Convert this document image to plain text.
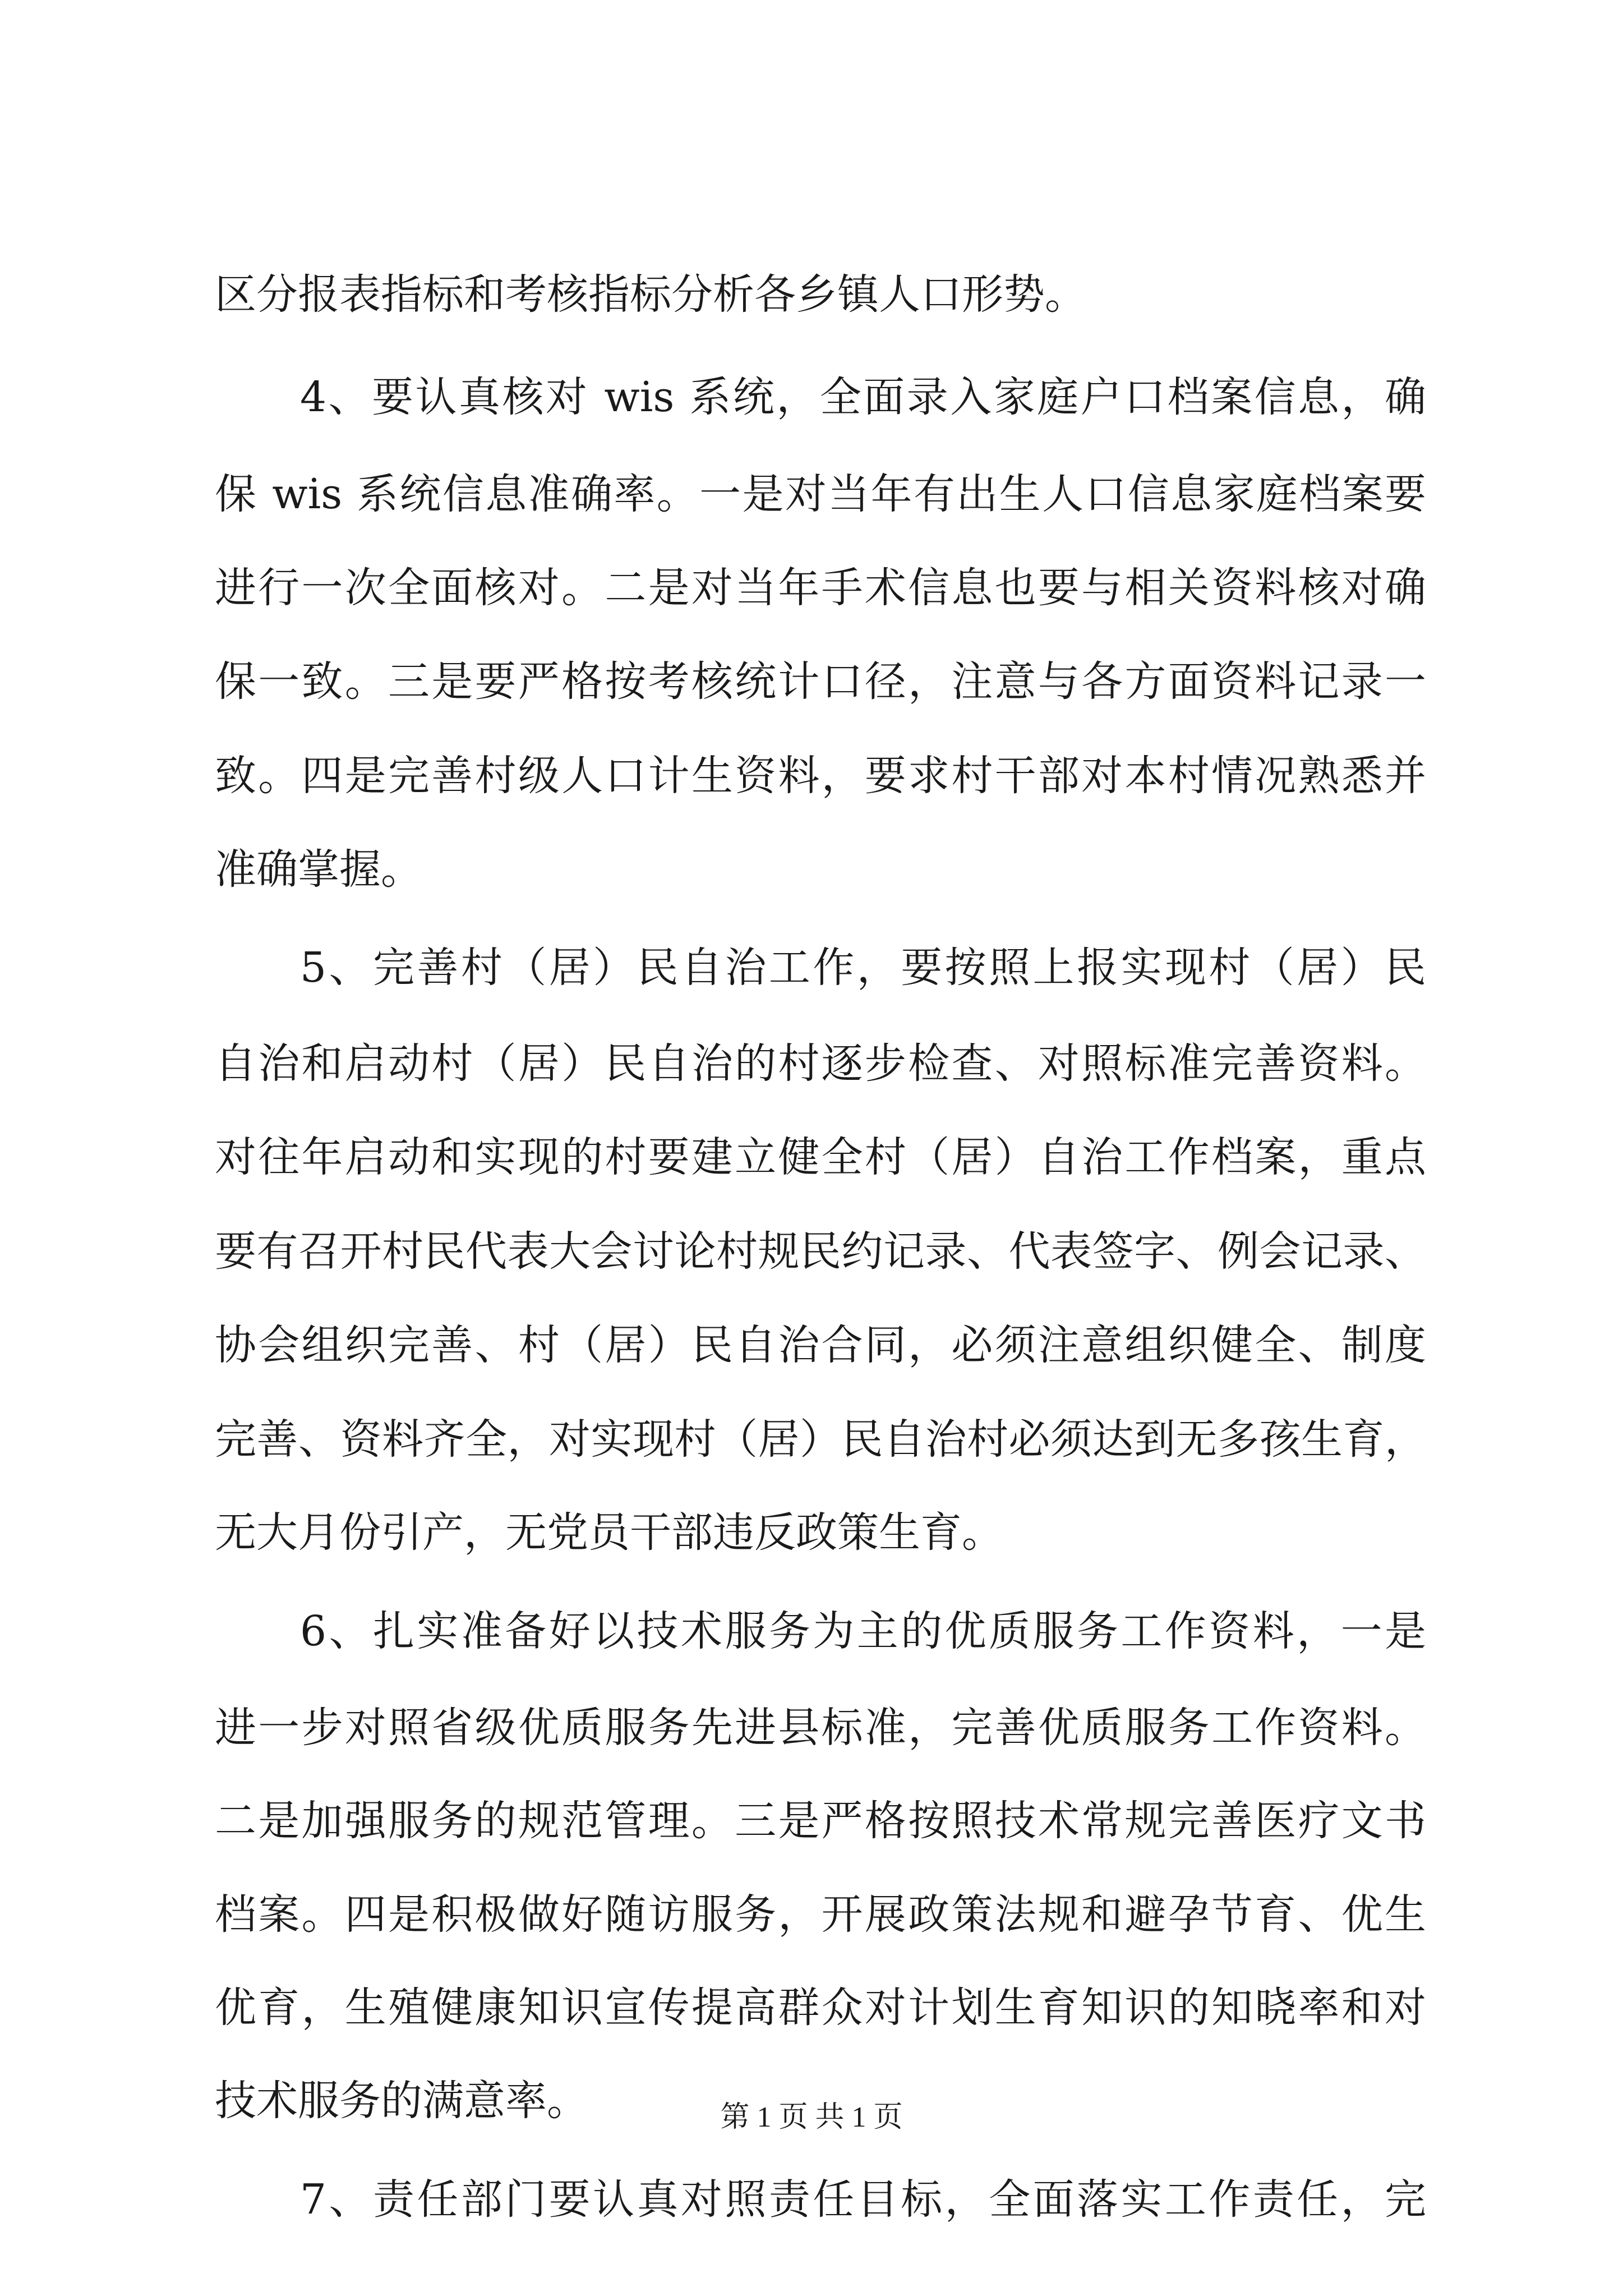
区分报表指标和考核指标分析各乡镇人口形势。
4、要认真核对 wis 系统，全面录入家庭户口档案信息，确
保 wis 系统信息准确率。一是对当年有出生人口信息家庭档案要
进行一次全面核对。二是对当年手术信息也要与相关资料核对确
保一致。三是要严格按考核统计口径，注意与各方面资料记录一
致。四是完善村级人口计生资料，要求村干部对本村情况熟悉并
准确掌握。
5、完善村（居）民自治工作，要按照上报实现村（居）民
自治和启动村（居）民自治的村逐步检查、对照标准完善资料。
对往年启动和实现的村要建立健全村（居）自治工作档案，重点
要有召开村民代表大会讨论村规民约记录、代表签字、例会记录、
协会组织完善、村（居）民自治合同，必须注意组织健全、制度
完善、资料齐全，对实现村（居）民自治村必须达到无多孩生育，
无大月份引产，无党员干部违反政策生育。
6、扎实准备好以技术服务为主的优质服务工作资料，一是
进一步对照省级优质服务先进县标准，完善优质服务工作资料。
二是加强服务的规范管理。三是严格按照技术常规完善医疗文书
档案。四是积极做好随访服务，开展政策法规和避孕节育、优生
优育，生殖健康知识宣传提高群众对计划生育知识的知晓率和对
技术服务的满意率。
7、责任部门要认真对照责任目标，全面落实工作责任，完
第 1 页 共 1 页
